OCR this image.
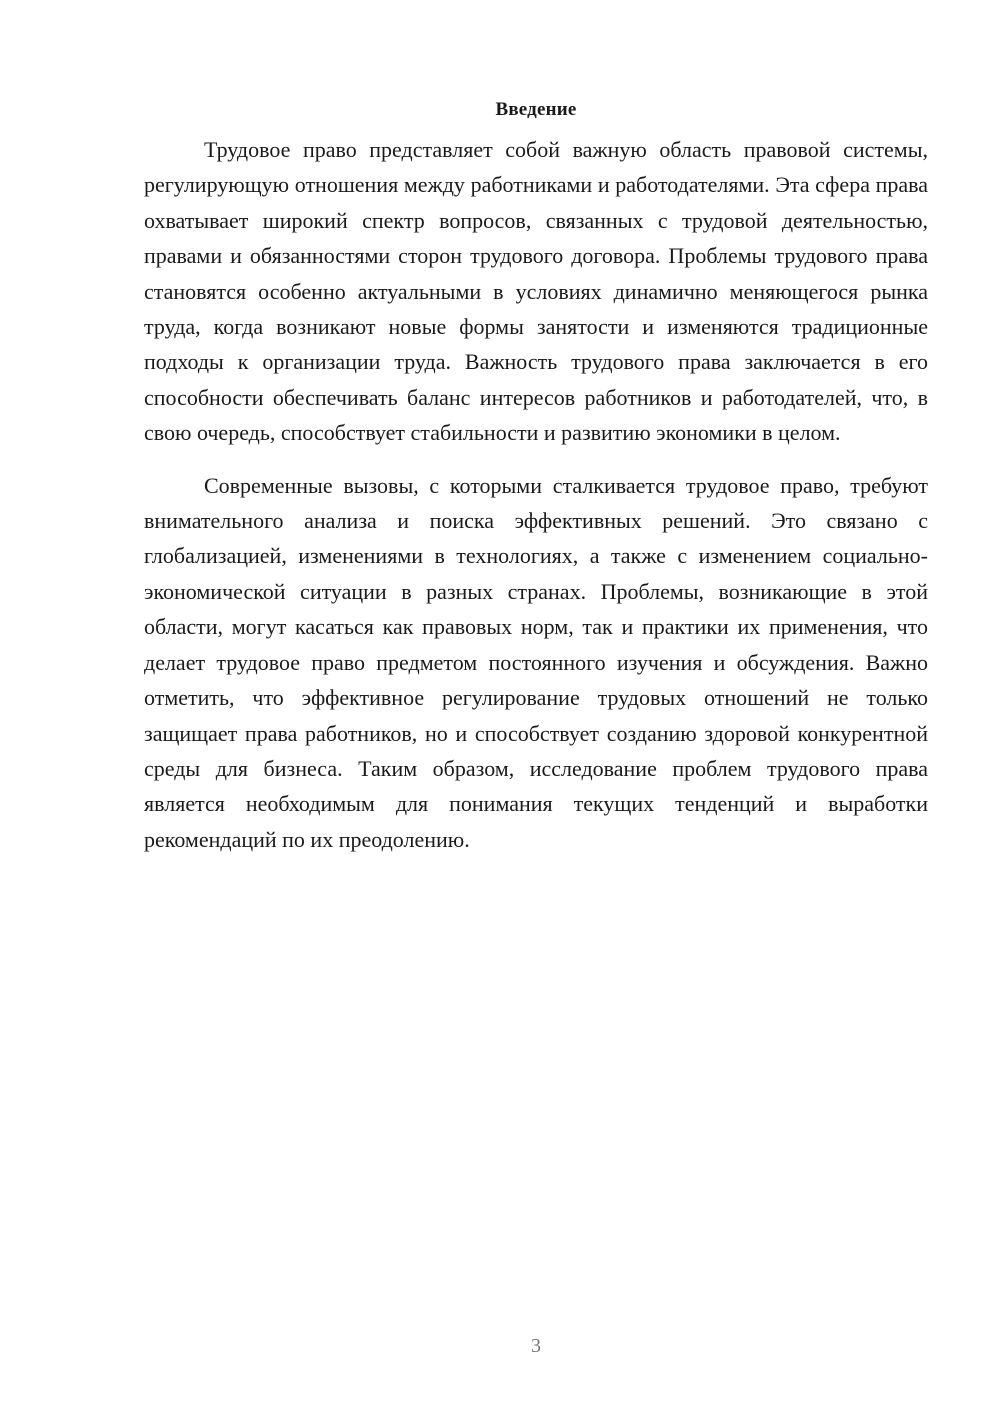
Введение

Трудовое право представляет собой важную область правовой системы, регулирующую отношения между работниками и работодателями. Эта сфера права охватывает широкий спектр вопросов, связанных с трудовой деятельностью, правами и обязанностями сторон трудового договора. Проблемы трудового права становятся особенно актуальными в условиях динамично меняющегося рынка труда, когда возникают новые формы занятости и изменяются традиционные подходы к организации труда. Важность трудового права заключается в его способности обеспечивать баланс интересов работников и работодателей, что, в свою очередь, способствует стабильности и развитию экономики в целом.

Современные вызовы, с которыми сталкивается трудовое право, требуют внимательного анализа и поиска эффективных решений. Это связано с глобализацией, изменениями в технологиях, а также с изменением социально-экономической ситуации в разных странах. Проблемы, возникающие в этой области, могут касаться как правовых норм, так и практики их применения, что делает трудовое право предметом постоянного изучения и обсуждения. Важно отметить, что эффективное регулирование трудовых отношений не только защищает права работников, но и способствует созданию здоровой конкурентной среды для бизнеса. Таким образом, исследование проблем трудового права является необходимым для понимания текущих тенденций и выработки рекомендаций по их преодолению.

3
